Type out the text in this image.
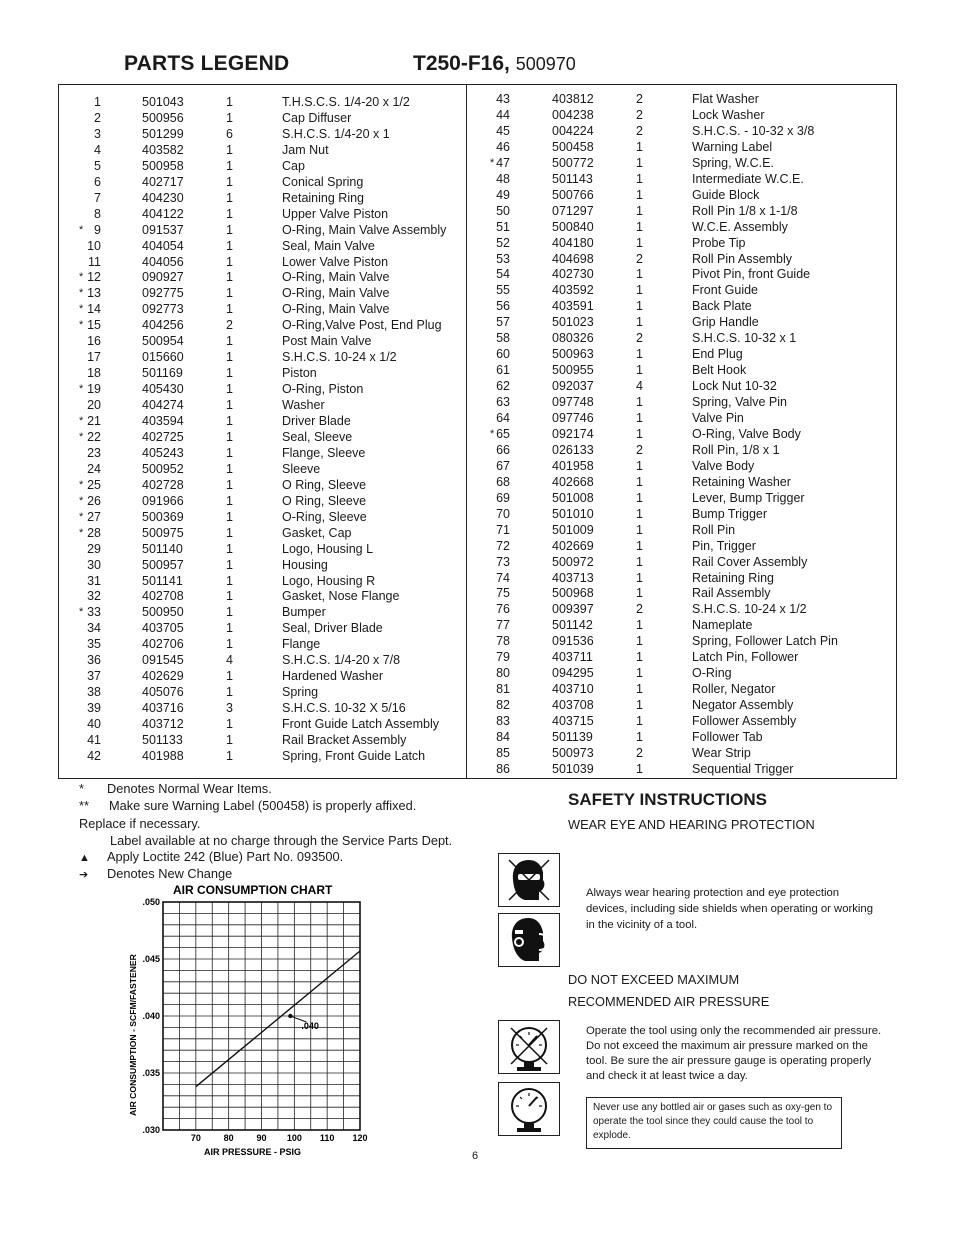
PARTS LEGEND	T250-F16, 500970
1	501043	1	T.H.S.C.S. 1/4-20 x 1/2
2	500956	1	Cap Diffuser
3	501299	6	S.H.C.S. 1/4-20 x 1
4	403582	1	Jam Nut
5	500958	1	Cap
6	402717	1	Conical Spring
7	404230	1	Retaining Ring
8	404122	1	Upper Valve Piston
* 9	091537	1	O-Ring, Main Valve Assembly
10	404054	1	Seal, Main Valve
11	404056	1	Lower Valve Piston
* 12	090927	1	O-Ring, Main Valve
* 13	092775	1	O-Ring, Main Valve
* 14	092773	1	O-Ring, Main Valve
* 15	404256	2	O-Ring,Valve Post, End Plug
16	500954	1	Post Main Valve
17	015660	1	S.H.C.S. 10-24 x 1/2
18	501169	1	Piston
* 19	405430	1	O-Ring, Piston
20	404274	1	Washer
* 21	403594	1	Driver Blade
* 22	402725	1	Seal, Sleeve
23	405243	1	Flange, Sleeve
24	500952	1	Sleeve
* 25	402728	1	O Ring, Sleeve
* 26	091966	1	O Ring, Sleeve
* 27	500369	1	O-Ring, Sleeve
* 28	500975	1	Gasket, Cap
29	501140	1	Logo, Housing L
30	500957	1	Housing
31	501141	1	Logo, Housing R
32	402708	1	Gasket, Nose Flange
* 33	500950	1	Bumper
34	403705	1	Seal, Driver Blade
35	402706	1	Flange
36	091545	4	S.H.C.S. 1/4-20 x 7/8
37	402629	1	Hardened Washer
38	405076	1	Spring
39	403716	3	S.H.C.S. 10-32 X 5/16
40	403712	1	Front Guide Latch Assembly
41	501133	1	Rail Bracket Assembly
42	401988	1	Spring, Front Guide Latch
43	403812	2	Flat Washer
44	004238	2	Lock Washer
45	004224	2	S.H.C.S. - 10-32 x 3/8
46	500458	1	Warning Label
* 47	500772	1	Spring, W.C.E.
48	501143	1	Intermediate W.C.E.
49	500766	1	Guide Block
50	071297	1	Roll Pin 1/8 x 1-1/8
51	500840	1	W.C.E. Assembly
52	404180	1	Probe Tip
53	404698	2	Roll Pin Assembly
54	402730	1	Pivot Pin, front Guide
55	403592	1	Front Guide
56	403591	1	Back Plate
57	501023	1	Grip Handle
58	080326	2	S.H.C.S. 10-32 x 1
60	500963	1	End Plug
61	500955	1	Belt Hook
62	092037	4	Lock Nut 10-32
63	097748	1	Spring, Valve Pin
64	097746	1	Valve Pin
* 65	092174	1	O-Ring, Valve Body
66	026133	2	Roll Pin, 1/8 x 1
67	401958	1	Valve Body
68	402668	1	Retaining Washer
69	501008	1	Lever, Bump Trigger
70	501010	1	Bump Trigger
71	501009	1	Roll Pin
72	402669	1	Pin, Trigger
73	500972	1	Rail Cover Assembly
74	403713	1	Retaining Ring
75	500968	1	Rail Assembly
76	009397	2	S.H.C.S. 10-24 x 1/2
77	501142	1	Nameplate
78	091536	1	Spring, Follower Latch Pin
79	403711	1	Latch Pin, Follower
80	094295	1	O-Ring
81	403710	1	Roller, Negator
82	403708	1	Negator Assembly
83	403715	1	Follower Assembly
84	501139	1	Follower Tab
85	500973	2	Wear Strip
86	501039	1	Sequential Trigger
* Denotes Normal Wear Items.
** Make sure Warning Label (500458) is properly affixed.
Replace if necessary.
Label available at no charge through the Service Parts Dept.
▲ Apply Loctite 242 (Blue) Part No. 093500.
➔ Denotes New Change
AIR CONSUMPTION CHART
.030
.035
.040
.045
.050
70	80	90 100 110 120
.040
AIR PRESSURE - PSIG
AIR CONSUMPTION - SCFM/FASTENER
SAFETY INSTRUCTIONS
WEAR EYE AND HEARING PROTECTION
Always wear hearing protection and eye protection devices, including side shields when operating or working in the vicinity of a tool.
DO NOT EXCEED MAXIMUM
RECOMMENDED AIR PRESSURE
Operate the tool using only the recommended air pressure. Do not exceed the maximum air pressure marked on the tool. Be sure the air pressure gauge is operating properly and check it at least twice a day.
Never use any bottled air or gases such as oxy-gen to operate the tool since they could cause the tool to explode.
6
